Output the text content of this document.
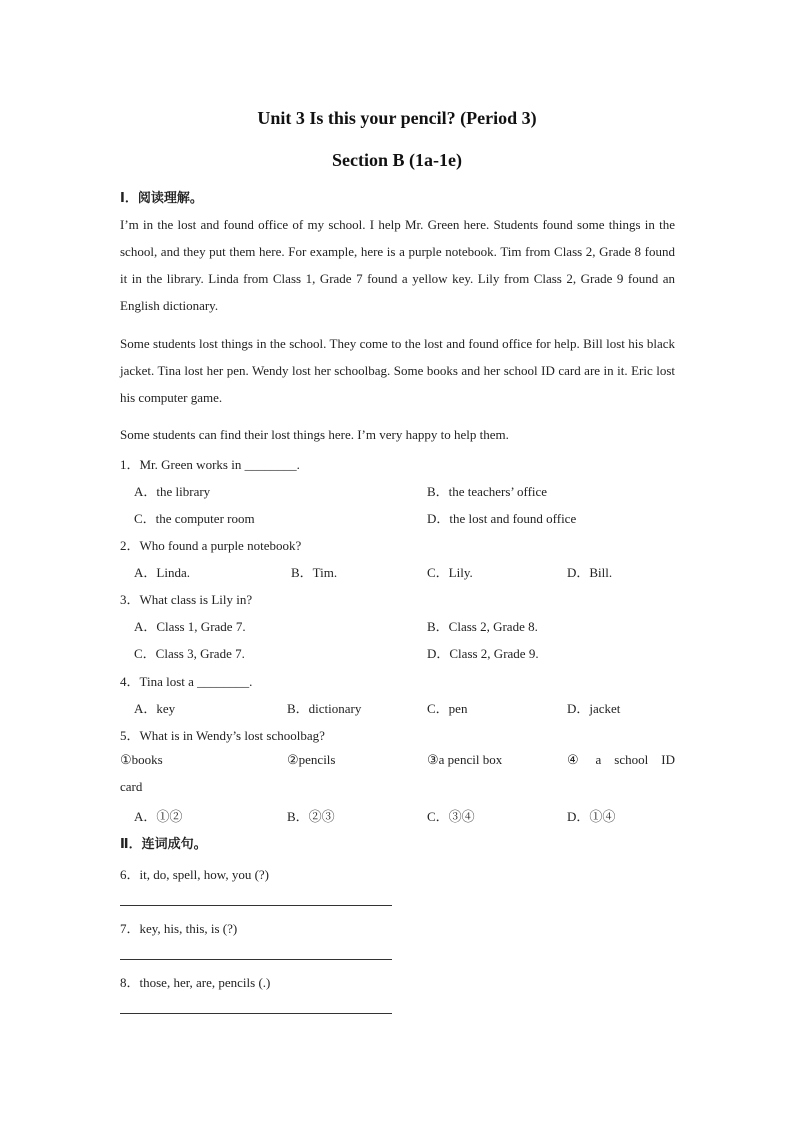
Unit 3 Is this your pencil? (Period 3)
Section B (1a-1e)
Ⅰ．阅读理解。
I’m in the lost and found office of my school. I help Mr. Green here. Students found some things in the school, and they put them here. For example, here is a purple notebook. Tim from Class 2, Grade 8 found it in the library. Linda from Class 1, Grade 7 found a yellow key. Lily from Class 2, Grade 9 found an English dictionary.
Some students lost things in the school. They come to the lost and found office for help. Bill lost his black jacket. Tina lost her pen. Wendy lost her schoolbag. Some books and her school ID card are in it. Eric lost his computer game.
Some students can find their lost things here. I’m very happy to help them.
1．Mr. Green works in ________.
A．the library	B．the teachers’ office
C．the computer room	D．the lost and found office
2．Who found a purple notebook?
A．Linda.	B．Tim.	C．Lily.	D．Bill.
3．What class is Lily in?
A．Class 1, Grade 7.	B．Class 2, Grade 8.
C．Class 3, Grade 7.	D．Class 2, Grade 9.
4．Tina lost a ________.
A．key	B．dictionary	C．pen	D．jacket
5．What is in Wendy’s lost schoolbag?
①books	②pencils	③a pencil box	④ a school ID
card
A．①②	B．②③	C．③④	D．①④
Ⅱ．连词成句。
6．it, do, spell, how, you (?)
7．key, his, this, is (?)
8．those, her, are, pencils (.)
